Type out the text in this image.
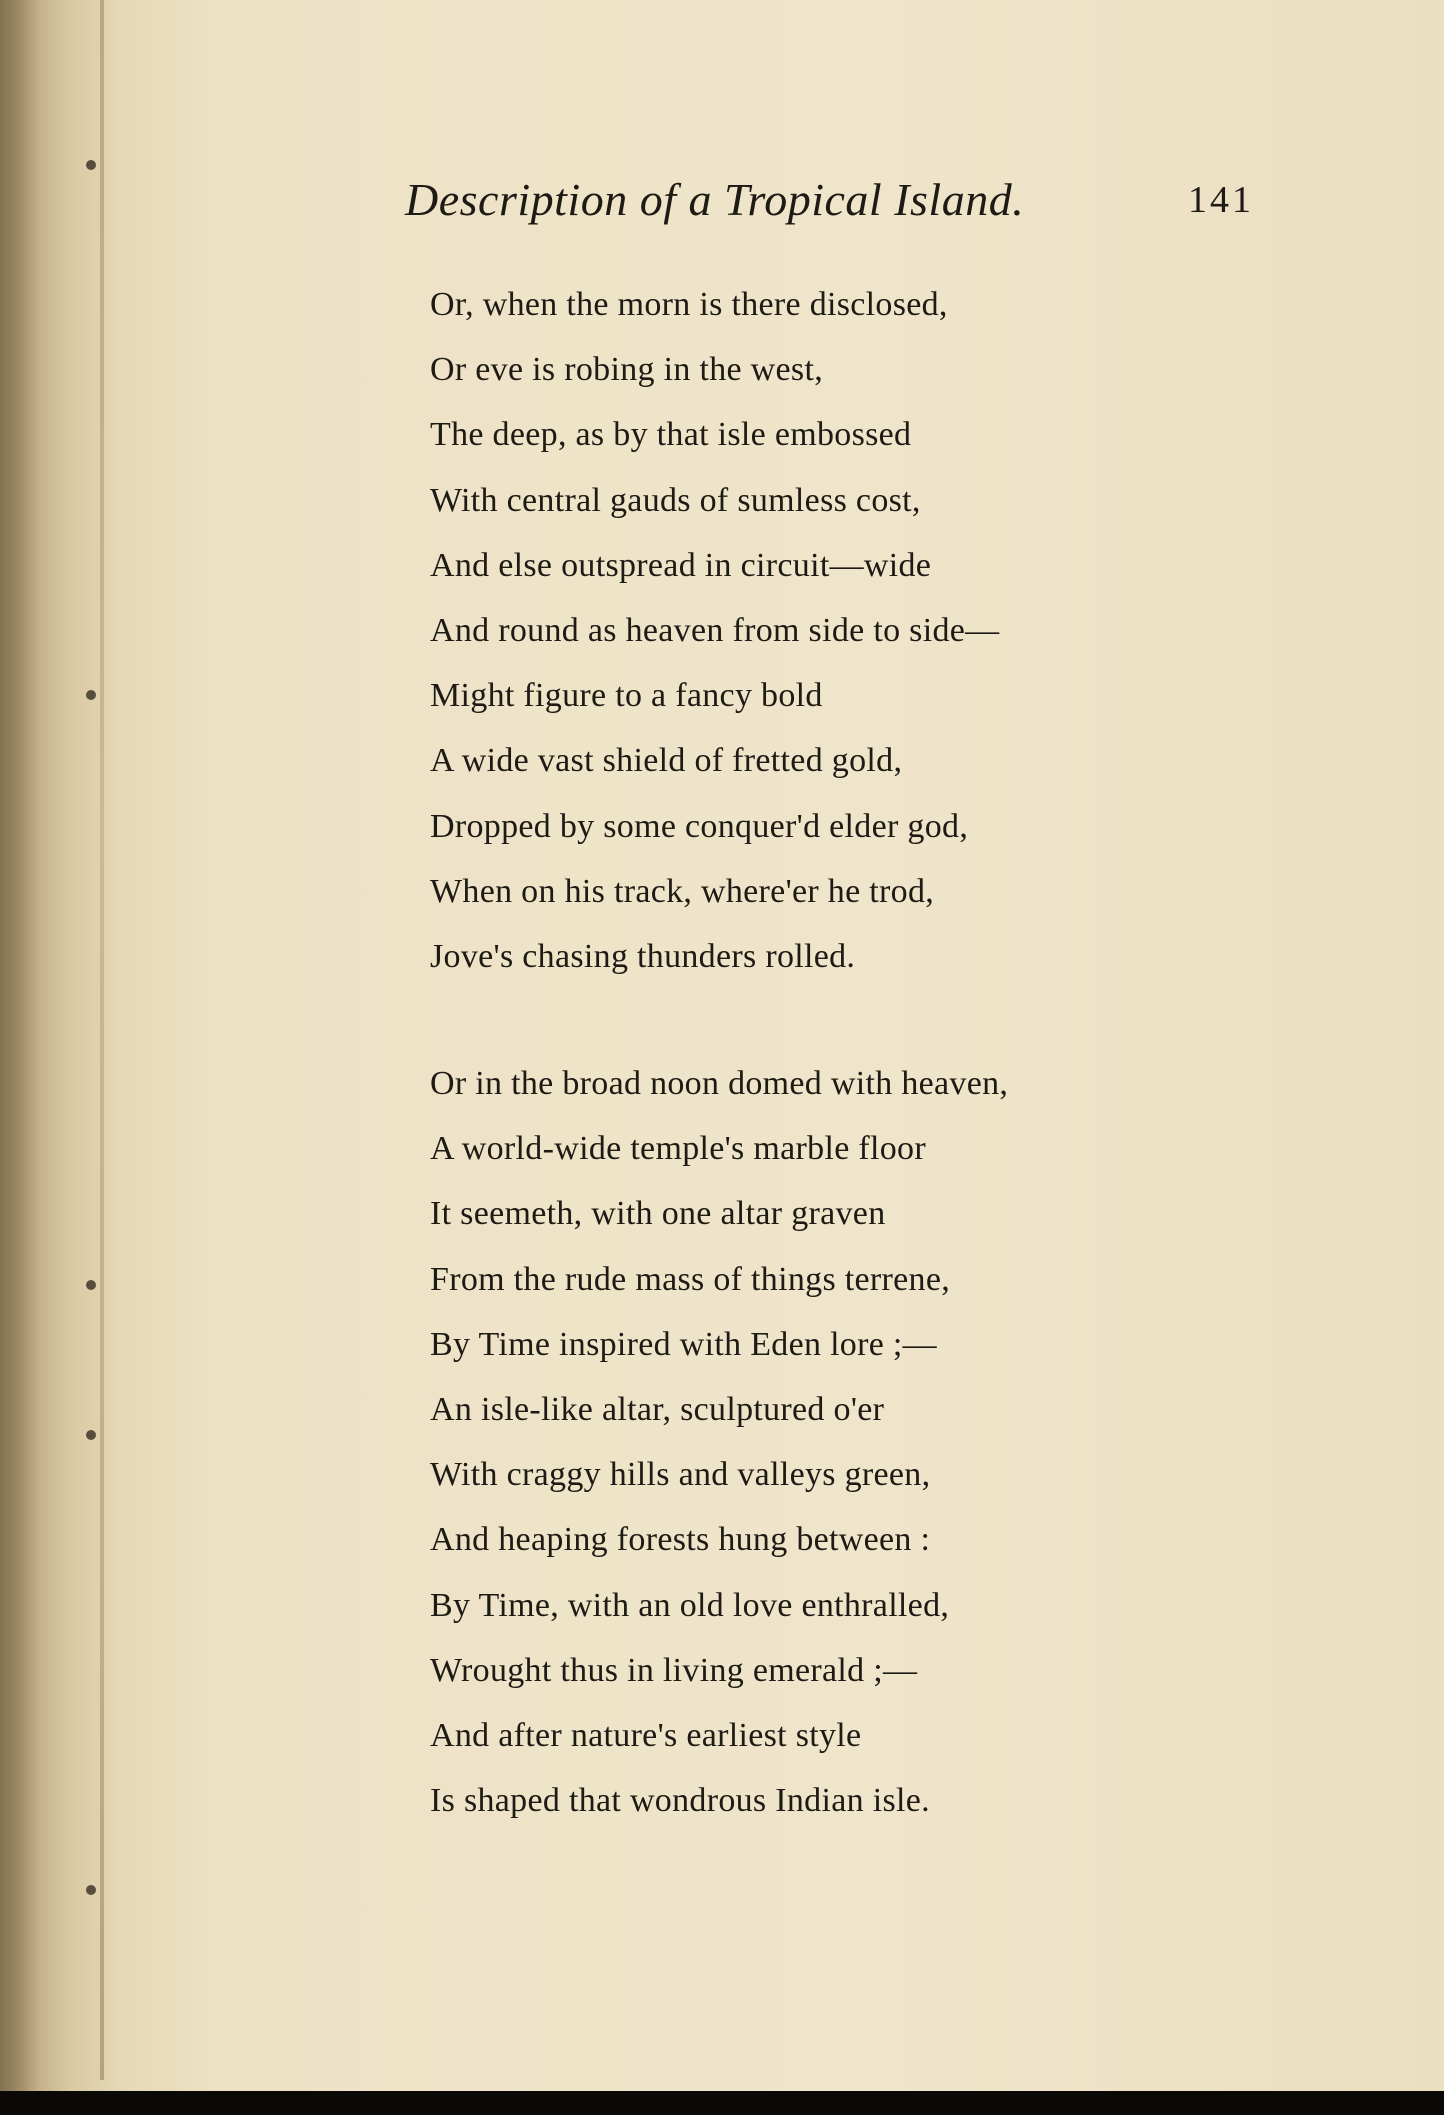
Description of a Tropical Island.	141
Or, when the morn is there disclosed,
Or eve is robing in the west,
The deep, as by that isle embossed
With central gauds of sumless cost,
And else outspread in circuit—wide
And round as heaven from side to side—
Might figure to a fancy bold
A wide vast shield of fretted gold,
Dropped by some conquer'd elder god,
When on his track, where'er he trod,
Jove's chasing thunders rolled.
Or in the broad noon domed with heaven,
A world-wide temple's marble floor
It seemeth, with one altar graven
From the rude mass of things terrene,
By Time inspired with Eden lore ;—
An isle-like altar, sculptured o'er
With craggy hills and valleys green,
And heaping forests hung between :
By Time, with an old love enthralled,
Wrought thus in living emerald ;—
And after nature's earliest style
Is shaped that wondrous Indian isle.
